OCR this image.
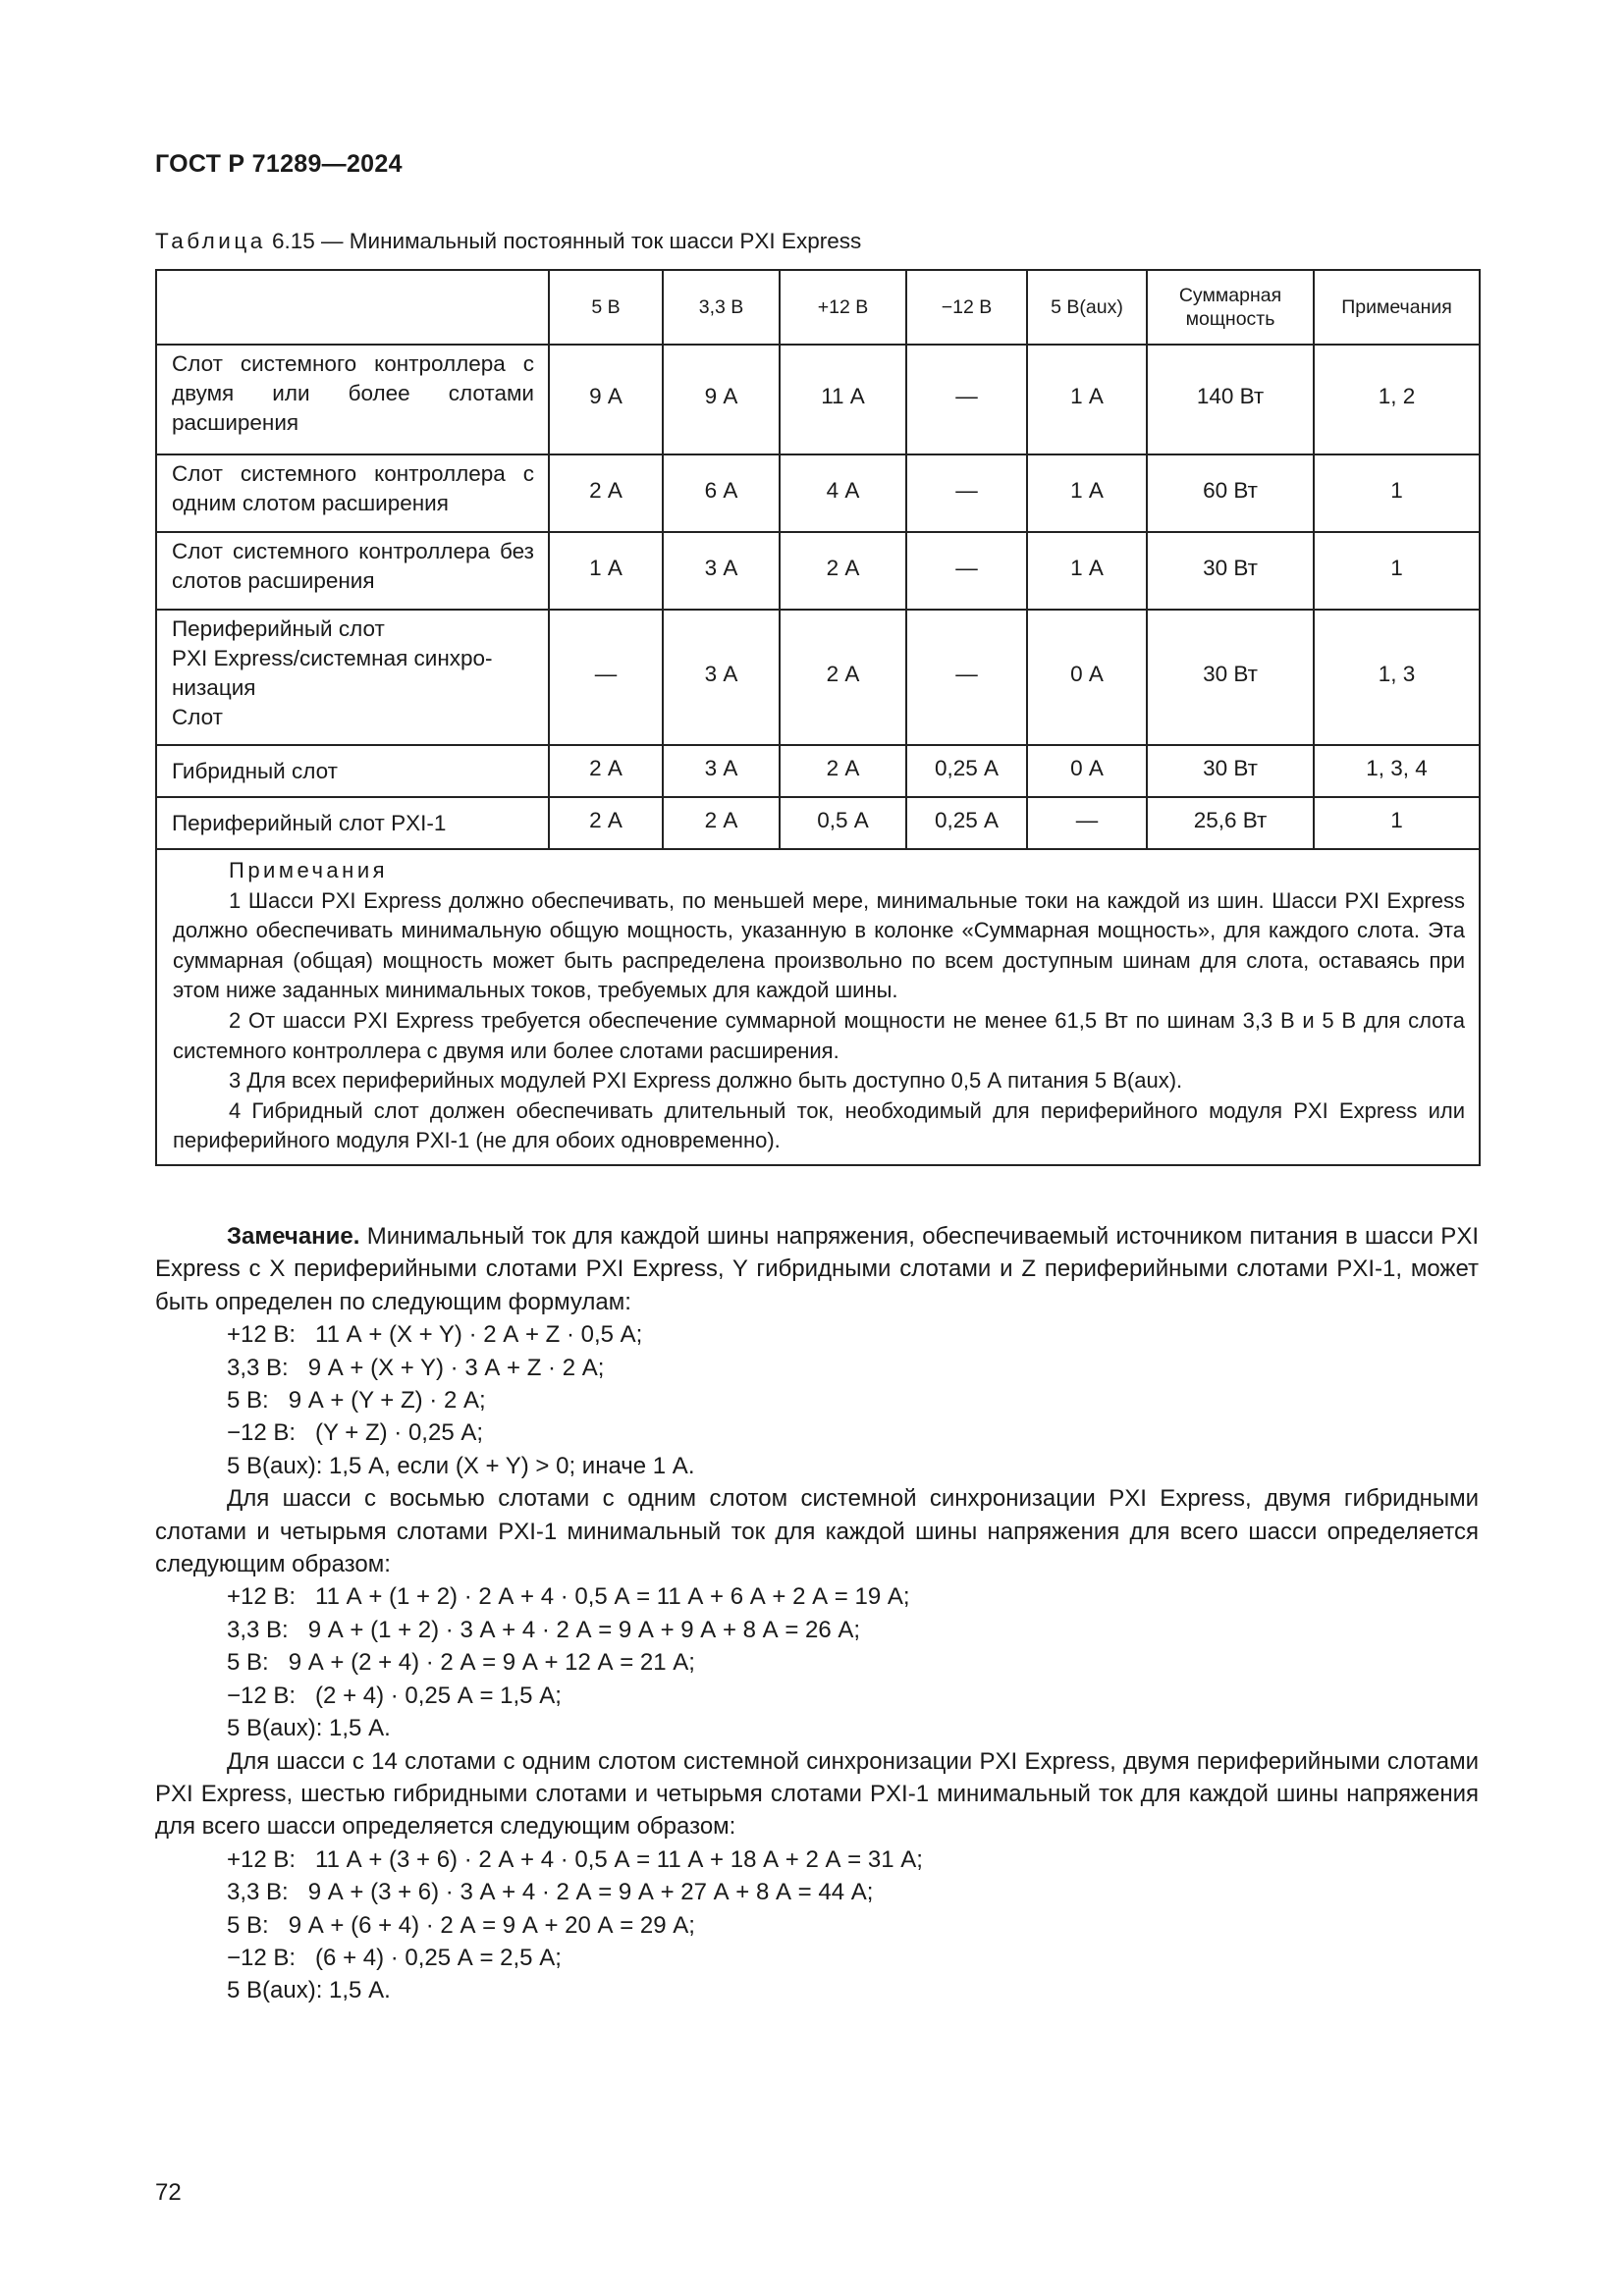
ГОСТ Р 71289—2024
Таблица 6.15 — Минимальный постоянный ток шасси PXI Express
	5 В	3,3 В	+12 В	−12 В	5 В(aux)	Суммарная мощность	Примечания
Слот системного контроллера с двумя или более слотами расширения	9 А	9 А	11 А	—	1 А	140 Вт	1, 2
Слот системного контроллера с одним слотом расширения	2 А	6 А	4 А	—	1 А	60 Вт	1
Слот системного контроллера без слотов расширения	1 А	3 А	2 А	—	1 А	30 Вт	1

Периферийный слот
PXI Express/системная синхро-
низация
Слот	—	3 А	2 А	—	0 А	30 Вт	1, 3
Гибридный слот	2 А	3 А	2 А	0,25 А	0 А	30 Вт	1, 3, 4
Периферийный слот PXI-1	2 А	2 А	0,5 А	0,25 А	—	25,6 Вт	1

Примечания

1 Шасси PXI Express должно обеспечивать, по меньшей мере, минимальные токи на каждой из шин. Шасси PXI Express должно обеспечивать минимальную общую мощность, указанную в колонке «Суммарная мощность», для каждого слота. Эта суммарная (общая) мощность может быть распределена произвольно по всем доступным шинам для слота, оставаясь при этом ниже заданных минимальных токов, требуемых для каждой шины.

2 От шасси PXI Express требуется обеспечение суммарной мощности не менее 61,5 Вт по шинам 3,3 В и 5 В для слота системного контроллера с двумя или более слотами расширения.

3 Для всех периферийных модулей PXI Express должно быть доступно 0,5 А питания 5 В(aux).

4 Гибридный слот должен обеспечивать длительный ток, необходимый для периферийного модуля PXI Express или периферийного модуля PXI-1 (не для обоих одновременно).							

Замечание. Минимальный ток для каждой шины напряжения, обеспечиваемый источником питания в шасси PXI Express с X периферийными слотами PXI Express, Y гибридными слотами и Z периферийными слотами PXI-1, может быть определен по следующим формулам:

+12 В:   11 А + (X + Y) · 2 А + Z · 0,5 А;
3,3 В:   9 А + (X + Y) · 3 А + Z · 2 А;
5 В:   9 А + (Y + Z) · 2 А;
−12 В:   (Y + Z) · 0,25 А;
5 В(aux): 1,5 А, если (X + Y) > 0; иначе 1 А.

Для шасси с восьмью слотами с одним слотом системной синхронизации PXI Express, двумя гибридными слотами и четырьмя слотами PXI-1 минимальный ток для каждой шины напряжения для всего шасси определяется следующим образом:

+12 В:   11 А + (1 + 2) · 2 А + 4 · 0,5 А = 11 А + 6 А + 2 А = 19 А;
3,3 В:   9 А + (1 + 2) · 3 А + 4 · 2 А = 9 А + 9 А + 8 А = 26 А;
5 В:   9 А + (2 + 4) · 2 А = 9 А + 12 А = 21 А;
−12 В:   (2 + 4) · 0,25 А = 1,5 А;
5 В(aux): 1,5 А.

Для шасси с 14 слотами с одним слотом системной синхронизации PXI Express, двумя периферийными слотами PXI Express, шестью гибридными слотами и четырьмя слотами PXI-1 минимальный ток для каждой шины напряжения для всего шасси определяется следующим образом:

+12 В:   11 А + (3 + 6) · 2 А + 4 · 0,5 А = 11 А + 18 А + 2 А = 31 А;
3,3 В:   9 А + (3 + 6) · 3 А + 4 · 2 А = 9 А + 27 А + 8 А = 44 А;
5 В:   9 А + (6 + 4) · 2 А = 9 А + 20 А = 29 А;
−12 В:   (6 + 4) · 0,25 А = 2,5 А;
5 В(aux): 1,5 А.
72
